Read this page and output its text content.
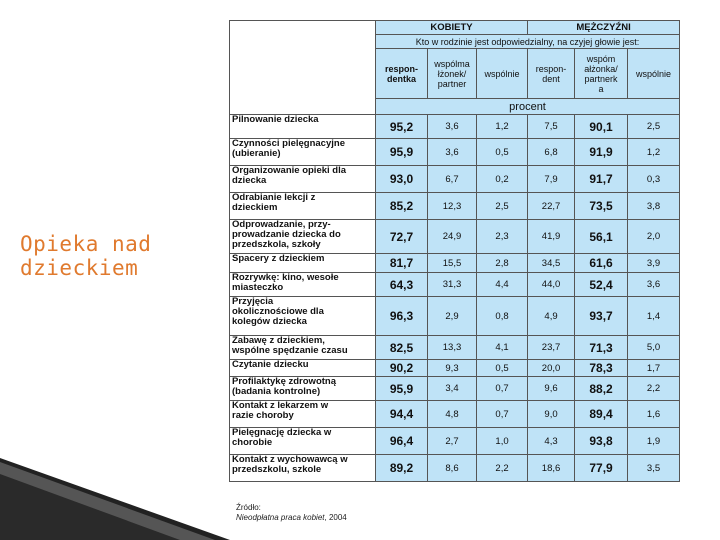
Opieka nad dzieckiem
	KOBIETY			MĘŻCZYŹNI		
	Kto w rodzinie jest odpowiedzialny, na czyjej głowie jest:					
	respon-
dentka	wspólma
łżonek/
partner	wspólnie	respon-
dent	wspóm
ałżonka/
partnerk
a	wspólnie
	procent					
Pilnowanie dziecka	95,2	3,6	1,2	7,5	90,1	2,5
Czynności pielęgnacyjne
(ubieranie)	95,9	3,6	0,5	6,8	91,9	1,2
Organizowanie opieki dla
dziecka	93,0	6,7	0,2	7,9	91,7	0,3
Odrabianie lekcji z
dzieckiem	85,2	12,3	2,5	22,7	73,5	3,8
Odprowadzanie, przy-
prowadzanie dziecka do
przedszkola, szkoły	72,7	24,9	2,3	41,9	56,1	2,0
Spacery z dzieckiem	81,7	15,5	2,8	34,5	61,6	3,9
Rozrywkę: kino, wesołe
miasteczko	64,3	31,3	4,4	44,0	52,4	3,6
Przyjęcia
okolicznościowe dla
kolegów dziecka	96,3	2,9	0,8	4,9	93,7	1,4
Zabawę z dzieckiem,
wspólne spędzanie czasu	82,5	13,3	4,1	23,7	71,3	5,0
Czytanie dziecku	90,2	9,3	0,5	20,0	78,3	1,7
Profilaktykę zdrowotną
(badania kontrolne)	95,9	3,4	0,7	9,6	88,2	2,2
Kontakt z lekarzem w
razie choroby	94,4	4,8	0,7	9,0	89,4	1,6
Pielęgnację dziecka w
chorobie	96,4	2,7	1,0	4,3	93,8	1,9
Kontakt z wychowawcą w
przedszkolu, szkole	89,2	8,6	2,2	18,6	77,9	3,5
Źródło:
Nieodpłatna praca kobiet, 2004
